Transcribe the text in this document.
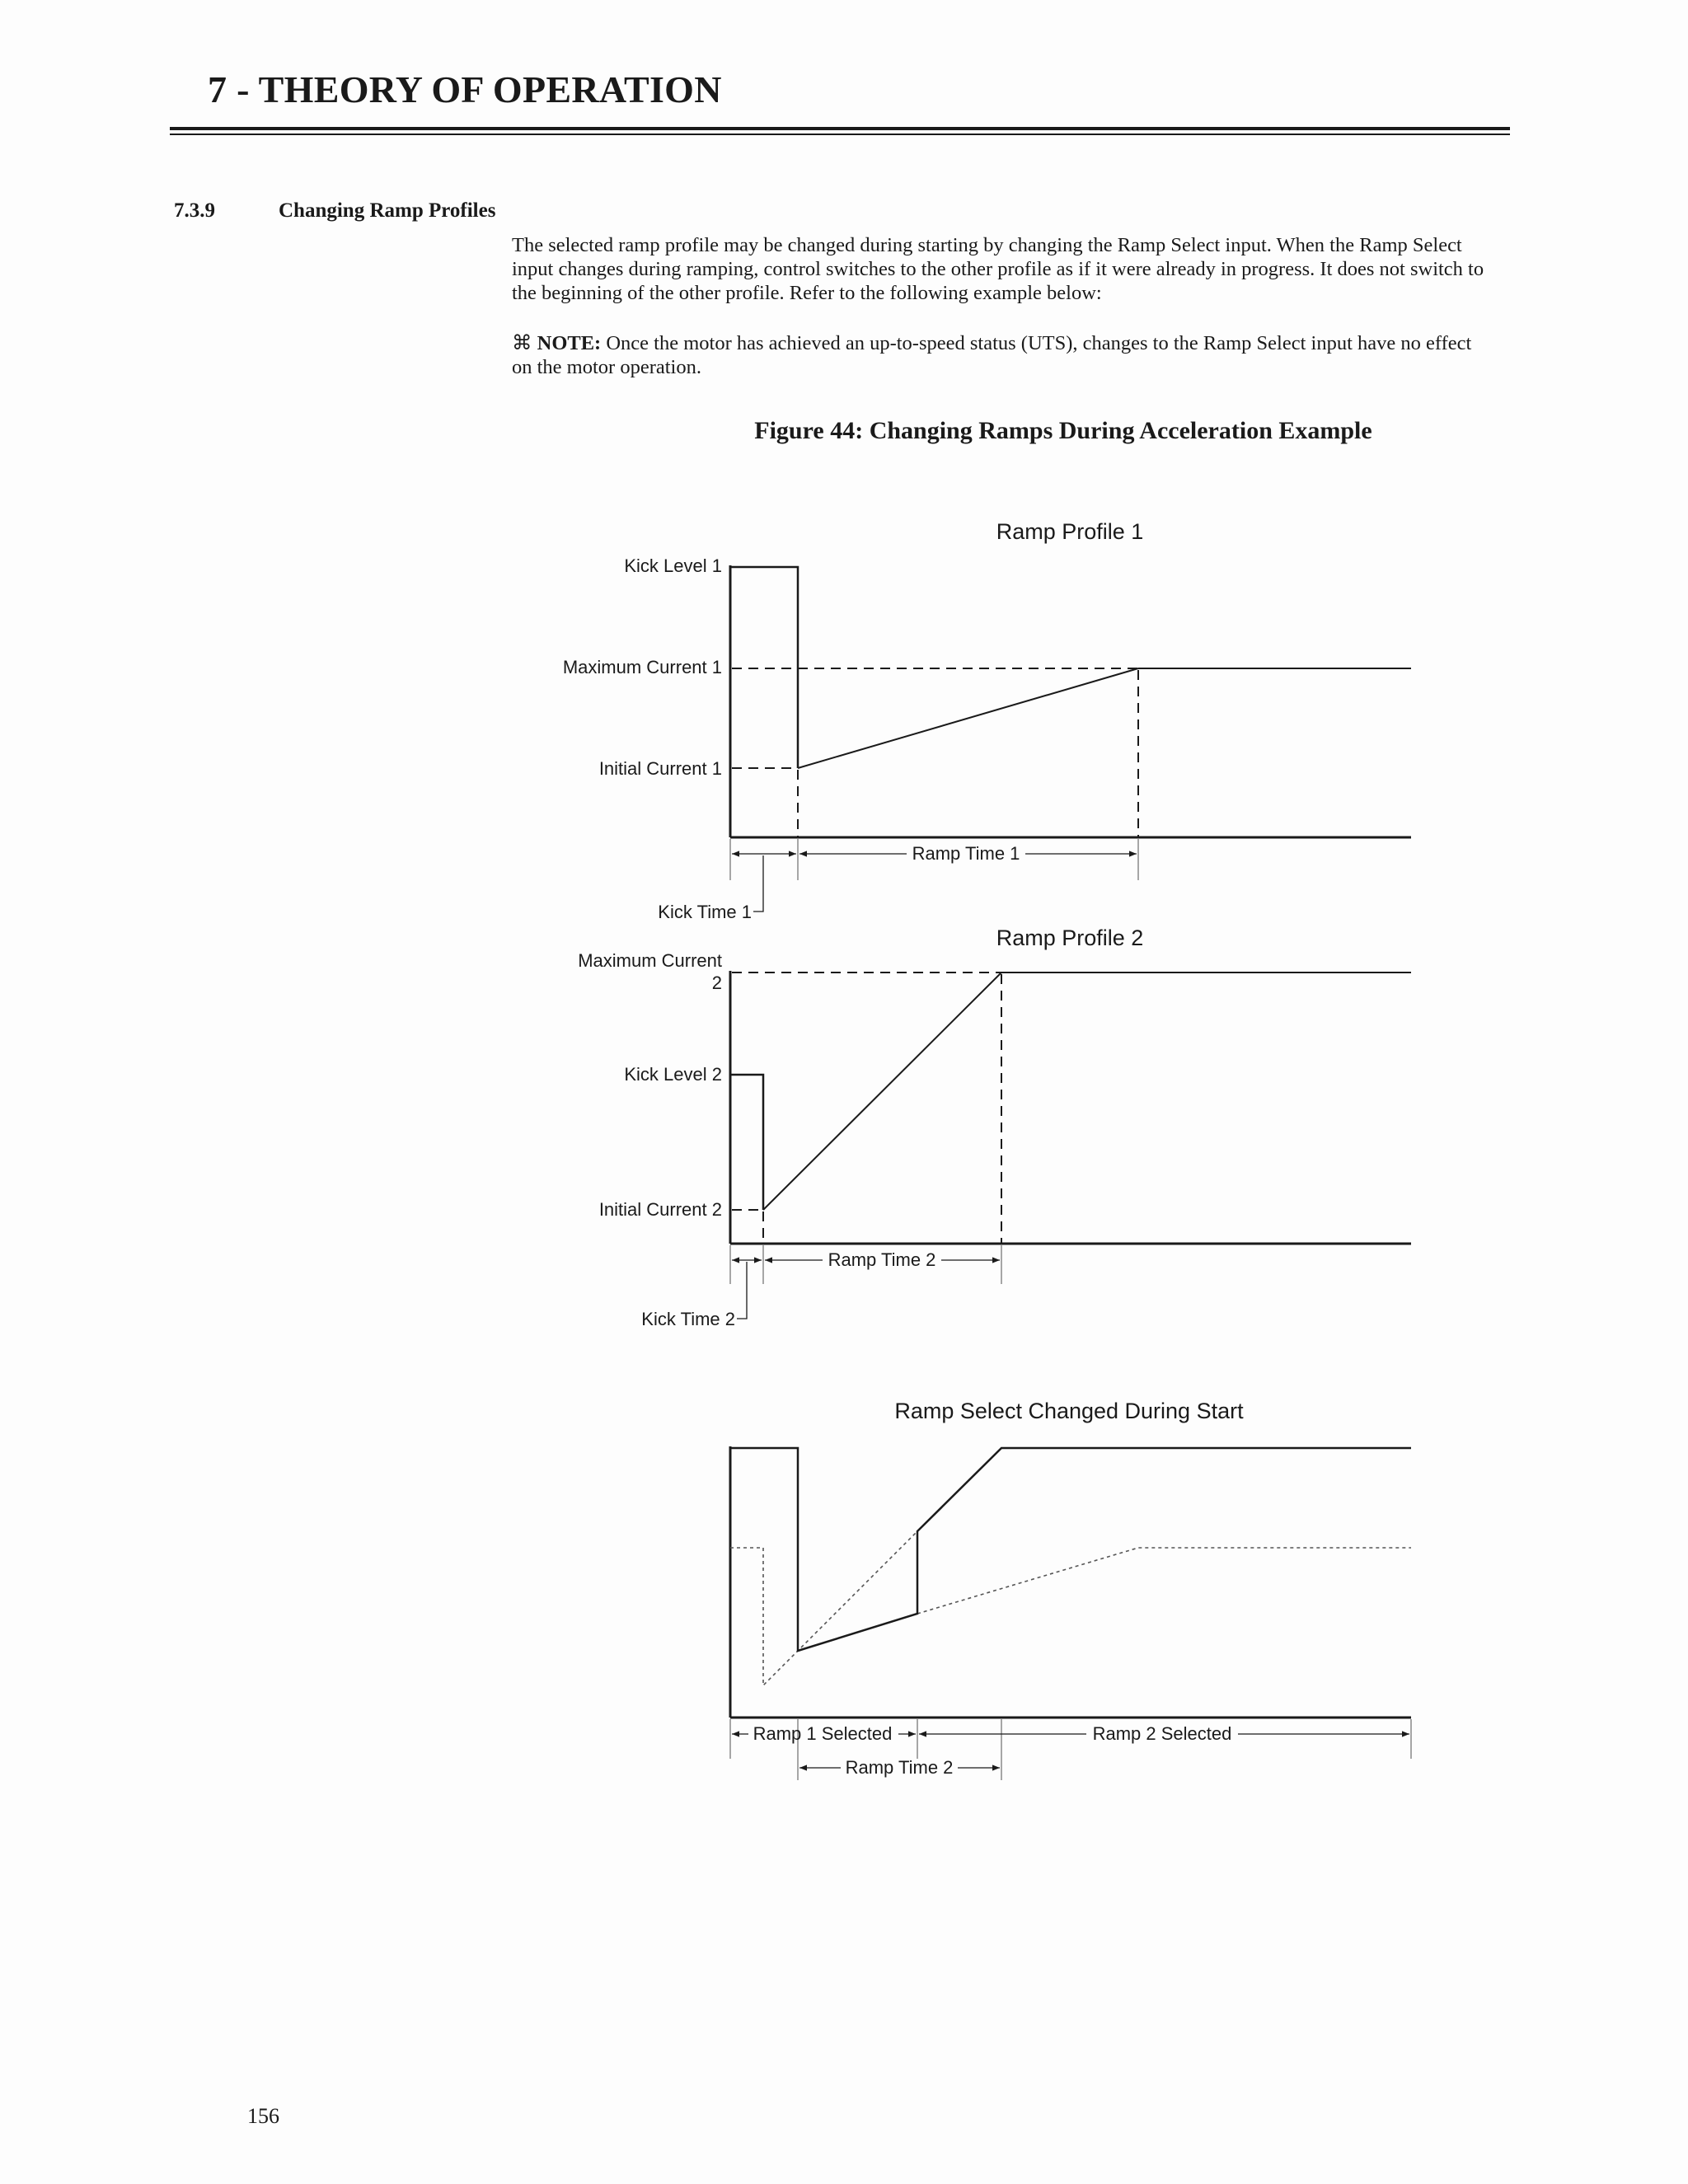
7 - THEORY OF OPERATION
7.3.9	Changing Ramp Profiles

The selected ramp profile may be changed during starting by changing the Ramp Select input. When the Ramp Select input changes during ramping, control switches to the other profile as if it were already in progress. It does not switch to the beginning of the other profile. Refer to the following example below:

⌘ NOTE: Once the motor has achieved an up-to-speed status (UTS), changes to the Ramp Select input have no effect on the motor operation.

Figure 44: Changing Ramps During Acceleration Example
Ramp Profile 1
Kick Level 1
Maximum Current 1
Initial Current 1
Ramp Time 1
Kick Time 1
Ramp Profile 2
Maximum Current
2
Kick Level 2
Initial Current 2
Ramp Time 2
Kick Time 2
Ramp Select Changed During Start
Ramp 1 Selected	Ramp 2 Selected
Ramp Time 2
156
